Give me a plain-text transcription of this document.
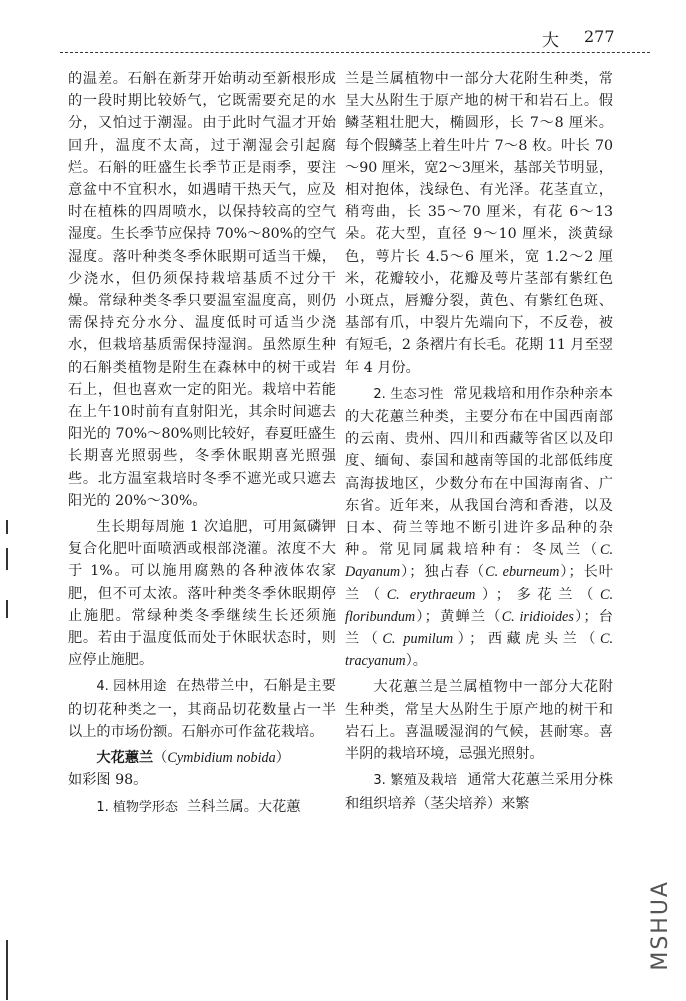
大 277

的温差。石斛在新芽开始萌动至新根形成的一段时期比较娇气，它既需要充足的水分，又怕过于潮湿。由于此时气温才开始回升，温度不太高，过于潮湿会引起腐烂。石斛的旺盛生长季节正是雨季，要注意盆中不宜积水，如遇晴干热天气，应及时在植株的四周喷水，以保持较高的空气湿度。生长季节应保持 70%～80%的空气湿度。落叶种类冬季休眠期可适当干燥，少浇水，但仍须保持栽培基质不过分干燥。常绿种类冬季只要温室温度高，则仍需保持充分水分、温度低时可适当少浇水，但栽培基质需保持湿润。虽然原生种的石斛类植物是附生在森林中的树干或岩石上，但也喜欢一定的阳光。栽培中若能在上午10时前有直射阳光，其余时间遮去阳光的 70%～80%则比较好，春夏旺盛生长期喜光照弱些，冬季休眠期喜光照强些。北方温室栽培时冬季不遮光或只遮去阳光的 20%～30%。

生长期每周施 1 次追肥，可用氮磷钾复合化肥叶面喷洒或根部浇灌。浓度不大于 1%。可以施用腐熟的各种液体农家肥，但不可太浓。落叶种类冬季休眠期停止施肥。常绿种类冬季继续生长还须施肥。若由于温度低而处于休眠状态时，则应停止施肥。

4. 园林用途 在热带兰中，石斛是主要的切花种类之一，其商品切花数量占一半以上的市场份额。石斛亦可作盆花栽培。

大花蕙兰（Cymbidium nobida）

如彩图 98。

1. 植物学形态 兰科兰属。大花蕙

兰是兰属植物中一部分大花附生种类，常呈大丛附生于原产地的树干和岩石上。假鳞茎粗壮肥大，椭圆形，长 7～8 厘米。每个假鳞茎上着生叶片 7～8 枚。叶长 70～90 厘米，宽2～3厘米，基部关节明显，相对抱体，浅绿色、有光泽。花茎直立，稍弯曲，长 35～70 厘米，有花 6～13 朵。花大型，直径 9～10 厘米，淡黄绿色，萼片长 4.5～6 厘米，宽 1.2～2 厘米，花瓣较小，花瓣及萼片茎部有紫红色小斑点，唇瓣分裂，黄色、有紫红色斑、基部有爪，中裂片先端向下，不反卷，被有短毛，2 条褶片有长毛。花期 11 月至翌年 4 月份。

2. 生态习性 常见栽培和用作杂种亲本的大花蕙兰种类，主要分布在中国西南部的云南、贵州、四川和西藏等省区以及印度、缅甸、泰国和越南等国的北部低纬度高海拔地区，少数分布在中国海南省、广东省。近年来，从我国台湾和香港，以及日本、荷兰等地不断引进许多品种的杂种。常见同属栽培种有：冬凤兰（C. Dayanum）；独占春（C. eburneum）；长叶兰（C. erythraeum）；多花兰（C. floribundum）；黄蝉兰（C. iridioides）；台兰（C. pumilum）；西藏虎头兰（C. tracyanum）。

大花蕙兰是兰属植物中一部分大花附生种类，常呈大丛附生于原产地的树干和岩石上。喜温暖湿润的气候，甚耐寒。喜半阴的栽培环境，忌强光照射。

3. 繁殖及栽培 通常大花蕙兰采用分株和组织培养（茎尖培养）来繁

MSHUA
